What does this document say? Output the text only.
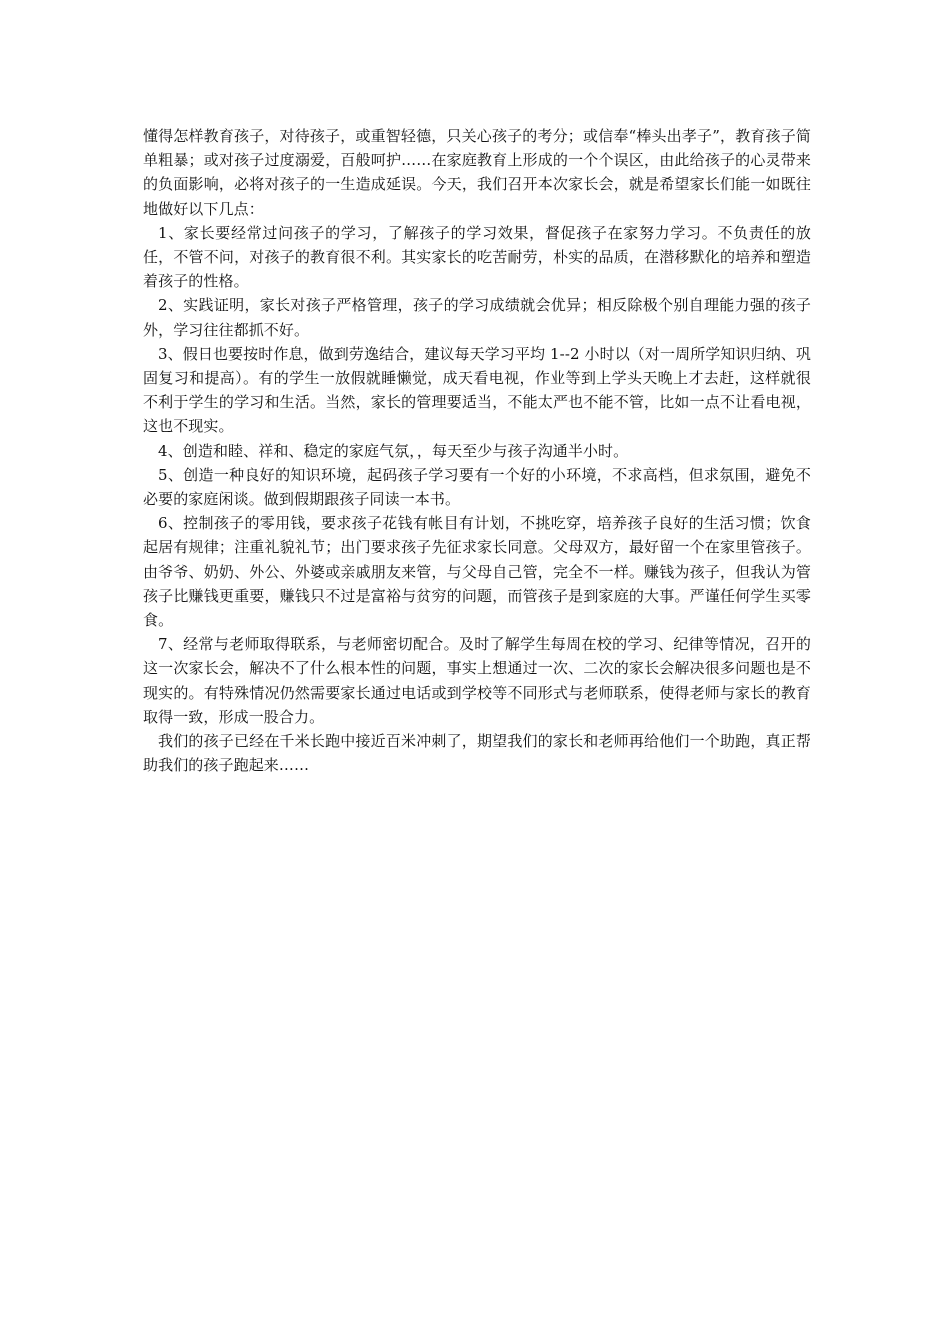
懂得怎样教育孩子，对待孩子，或重智轻德，只关心孩子的考分；或信奉“棒头出孝子”，教育孩子简单粗暴；或对孩子过度溺爱，百般呵护……在家庭教育上形成的一个个误区，由此给孩子的心灵带来的负面影响，必将对孩子的一生造成延误。今天，我们召开本次家长会，就是希望家长们能一如既往地做好以下几点：

1、家长要经常过问孩子的学习，了解孩子的学习效果，督促孩子在家努力学习。不负责任的放任，不管不问，对孩子的教育很不利。其实家长的吃苦耐劳，朴实的品质，在潜移默化的培养和塑造着孩子的性格。

2、实践证明，家长对孩子严格管理，孩子的学习成绩就会优异；相反除极个别自理能力强的孩子外，学习往往都抓不好。

3、假日也要按时作息，做到劳逸结合，建议每天学习平均 1--2 小时以（对一周所学知识归纳、巩固复习和提高）。有的学生一放假就睡懒觉，成天看电视，作业等到上学头天晚上才去赶，这样就很不利于学生的学习和生活。当然，家长的管理要适当，不能太严也不能不管，比如一点不让看电视，这也不现实。

4、创造和睦、祥和、稳定的家庭气氛，，每天至少与孩子沟通半小时。

5、创造一种良好的知识环境，起码孩子学习要有一个好的小环境，不求高档，但求氛围，避免不必要的家庭闲谈。做到假期跟孩子同读一本书。

6、控制孩子的零用钱，要求孩子花钱有帐目有计划，不挑吃穿，培养孩子良好的生活习惯；饮食起居有规律；注重礼貌礼节；出门要求孩子先征求家长同意。父母双方，最好留一个在家里管孩子。由爷爷、奶奶、外公、外婆或亲戚朋友来管，与父母自己管，完全不一样。赚钱为孩子，但我认为管孩子比赚钱更重要，赚钱只不过是富裕与贫穷的问题，而管孩子是到家庭的大事。严谨任何学生买零食。

7、经常与老师取得联系，与老师密切配合。及时了解学生每周在校的学习、纪律等情况，召开的这一次家长会，解决不了什么根本性的问题，事实上想通过一次、二次的家长会解决很多问题也是不现实的。有特殊情况仍然需要家长通过电话或到学校等不同形式与老师联系，使得老师与家长的教育取得一致，形成一股合力。

我们的孩子已经在千米长跑中接近百米冲刺了，期望我们的家长和老师再给他们一个助跑，真正帮助我们的孩子跑起来……
